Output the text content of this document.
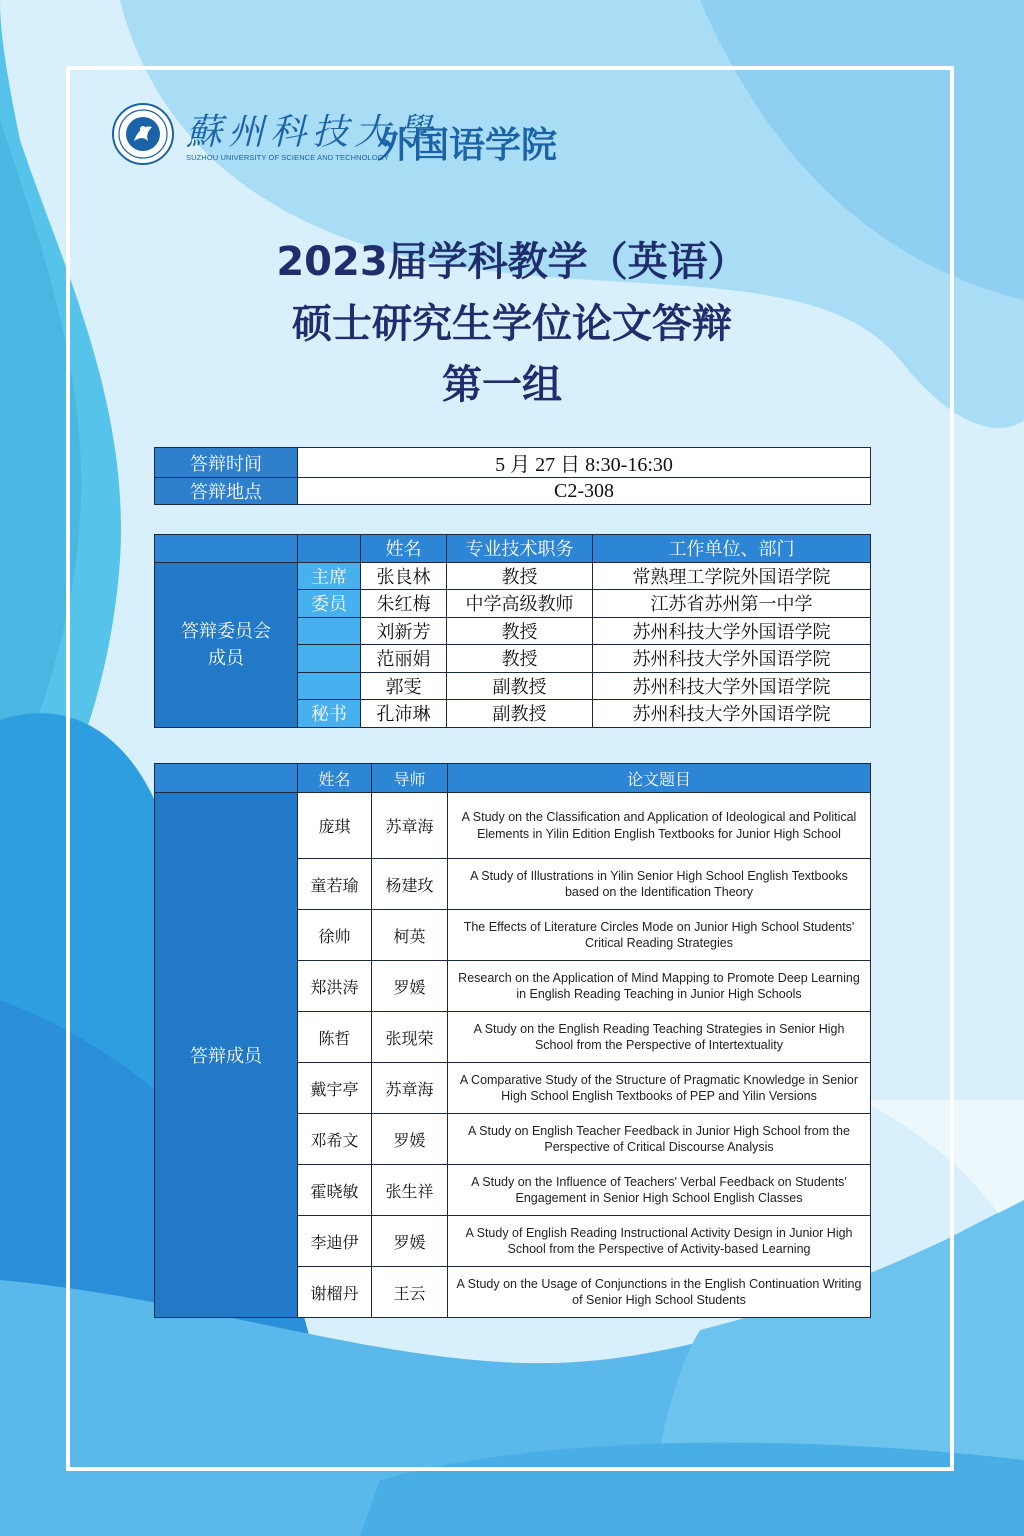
蘇州科技大學
SUZHOU UNIVERSITY OF SCIENCE AND TECHNOLOGY
外国语学院
2023届学科教学（英语）
硕士研究生学位论文答辩
第一组
答辩时间	5 月 27 日 8:30-16:30
答辩地点	C2-308
		姓名	专业技术职务	工作单位、部门

答辩委员会
成员	主席	张良林	教授	常熟理工学院外国语学院
	委员	朱红梅	中学高级教师	江苏省苏州第一中学
		刘新芳	教授	苏州科技大学外国语学院
		范丽娟	教授	苏州科技大学外国语学院
		郭雯	副教授	苏州科技大学外国语学院
	秘书	孔沛琳	副教授	苏州科技大学外国语学院
	姓名	导师	论文题目
答辩成员	庞琪	苏章海	A Study on the Classification and Application of Ideological and Political Elements in Yilin Edition English Textbooks for Junior High School
	童若瑜	杨建玫	A Study of Illustrations in Yilin Senior High School English Textbooks based on the Identification Theory
	徐帅	柯英	The Effects of Literature Circles Mode on Junior High School Students' Critical Reading Strategies
	郑洪涛	罗媛	Research on the Application of Mind Mapping to Promote Deep Learning in English Reading Teaching in Junior High Schools
	陈哲	张现荣	A Study on the English Reading Teaching Strategies in Senior High School from the Perspective of Intertextuality
	戴宇亭	苏章海	A Comparative Study of the Structure of Pragmatic Knowledge in Senior High School English Textbooks of PEP and Yilin Versions
	邓希文	罗媛	A Study on English Teacher Feedback in Junior High School from the Perspective of Critical Discourse Analysis
	霍晓敏	张生祥	A Study on the Influence of Teachers' Verbal Feedback on Students' Engagement in Senior High School English Classes
	李迪伊	罗媛	A Study of English Reading Instructional Activity Design in Junior High School from the Perspective of Activity-based Learning
	谢榴丹	王云	A Study on the Usage of Conjunctions in the English Continuation Writing of Senior High School Students
